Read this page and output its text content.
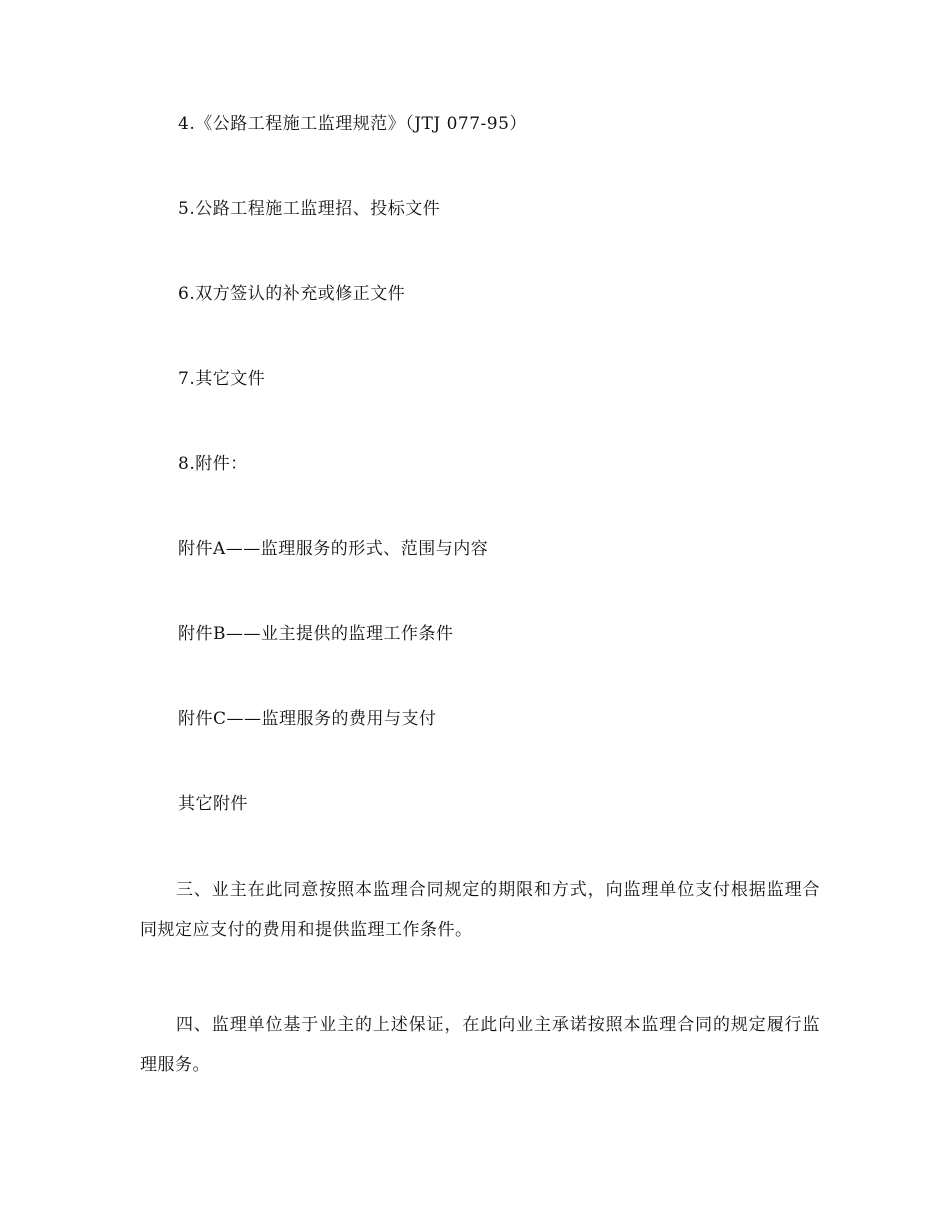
4.《公路工程施工监理规范》（JTJ 077-95）
5.公路工程施工监理招、投标文件
6.双方签认的补充或修正文件
7.其它文件
8.附件：
附件A——监理服务的形式、范围与内容
附件B——业主提供的监理工作条件
附件C——监理服务的费用与支付
其它附件
三、业主在此同意按照本监理合同规定的期限和方式，向监理单位支付根据监理合同规定应支付的费用和提供监理工作条件。
四、监理单位基于业主的上述保证，在此向业主承诺按照本监理合同的规定履行监理服务。
